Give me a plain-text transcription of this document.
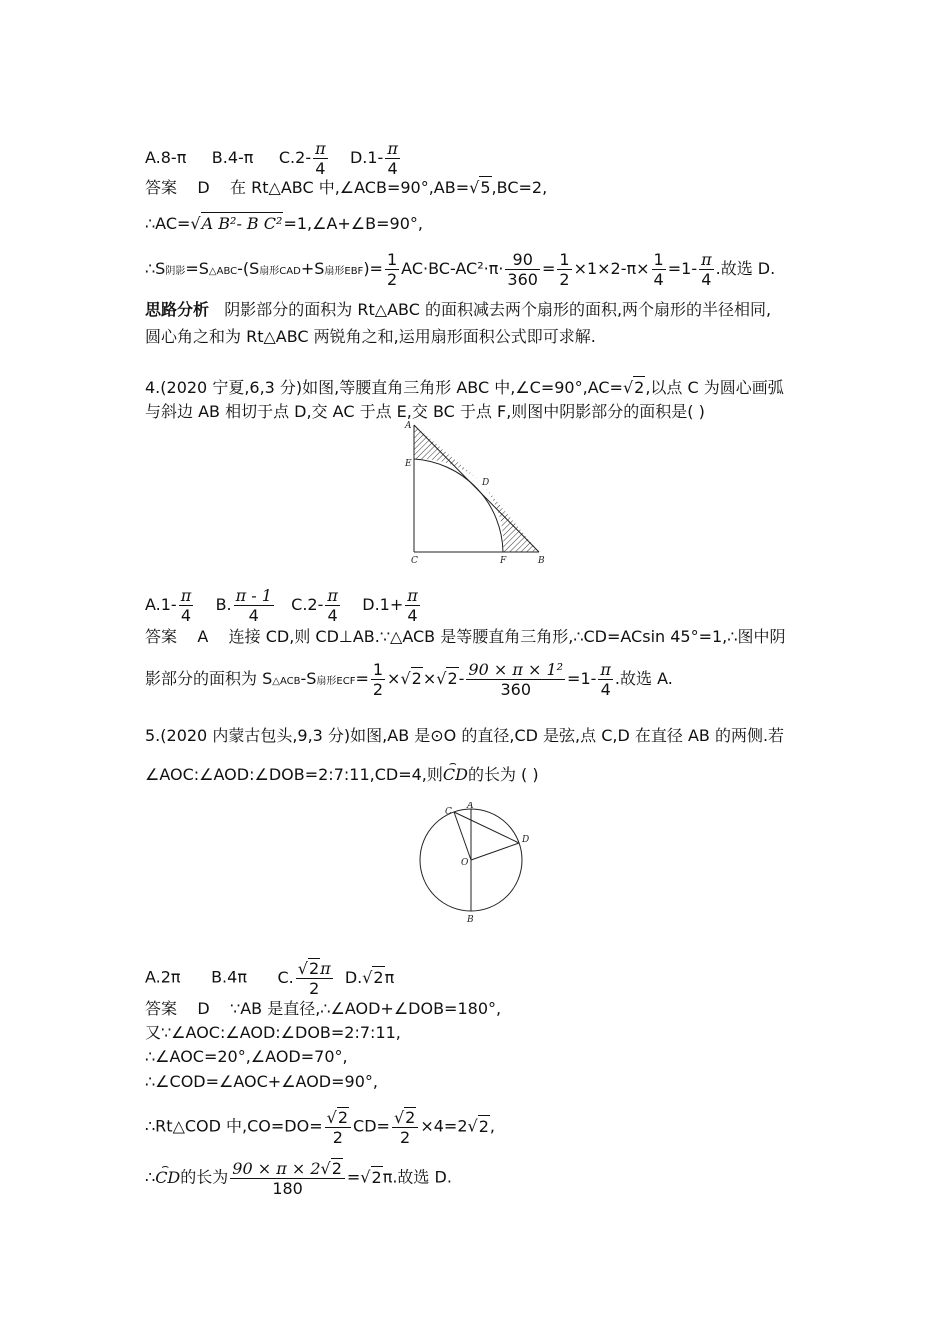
A.8-π B.4-π $C.2- \frac{\pi}{4} D.1- \frac{\pi}{4}$
答案 D 在 Rt△ABC 中,∠ACB=90°,AB=√5,BC=2,
∴AC=√A B²- B C²=1,∠A+∠B=90°,
∴S阴影=S△ABC-(S扇形CAD+S扇形$EBF)= \frac{1}{2} AC\cdot BC-AC^2\cdot\pi\cdot \frac{90}{360} = \frac{1}{2} \times 1\times 2-\pi\times \frac{1}{4} =1- \frac{\pi}{4}$ .故选 D.
思路分析 阴影部分的面积为 Rt△ABC 的面积减去两个扇形的面积,两个扇形的半径相同,
圆心角之和为 Rt△ABC 两锐角之和,运用扇形面积公式即可求解.
4.(2020 宁夏,6,3 分)如图,等腰直角三角形 ABC 中,∠C=90°,AC=√2,以点 C 为圆心画弧
与斜边 AB 相切于点 D,交 AC 于点 E,交 BC 于点 F,则图中阴影部分的面积是( )
A
E
D
C	F	B
$A.1- \frac{\pi}{4} B$. $\frac{\pi - 1}{4} C.2- \frac{\pi}{4} D.1+ \frac{\pi}{4}$
答案 A 连接 CD,则 CD⊥AB.∵△ACB 是等腰直角三角形,∴CD=ACsin 45°=1,∴图中阴
影部分的面积为 S△ACB-S扇形$ECF= \frac{1}{2} \times√2\times√2- \frac{\text{90 × π × 1²}}{360} =1- \frac{\pi}{4}$ .故选 A.
5.(2020 内蒙古包头,9,3 分)如图,AB 是⊙O 的直径,CD 是弦,点 C,D 在直径 AB 的两侧.若
∠AOC:∠AOD:∠DOB=2:7:11,CD=4,则⌢ CD的长为 ( )
A
C
D
O
B
A.2π B.4π C. $\frac{√2\pi}{2} D.√2\pi$
答案 D ∵AB 是直径,∴∠AOD+∠DOB=180°,
又∵∠AOC:∠AOD:∠DOB=2:7:11,
∴∠AOC=20°,∠AOD=70°,
∴∠COD=∠AOC+∠AOD=90°,
∴Rt△COD 中$,CO=DO= \frac{√2}{2} CD= \frac{√2}{2} \times 4=2√2$,
∴⌢ CD的长为 $\frac{90 \times \pi \times 2√2}{180} =√2\pi$.故选 D.
